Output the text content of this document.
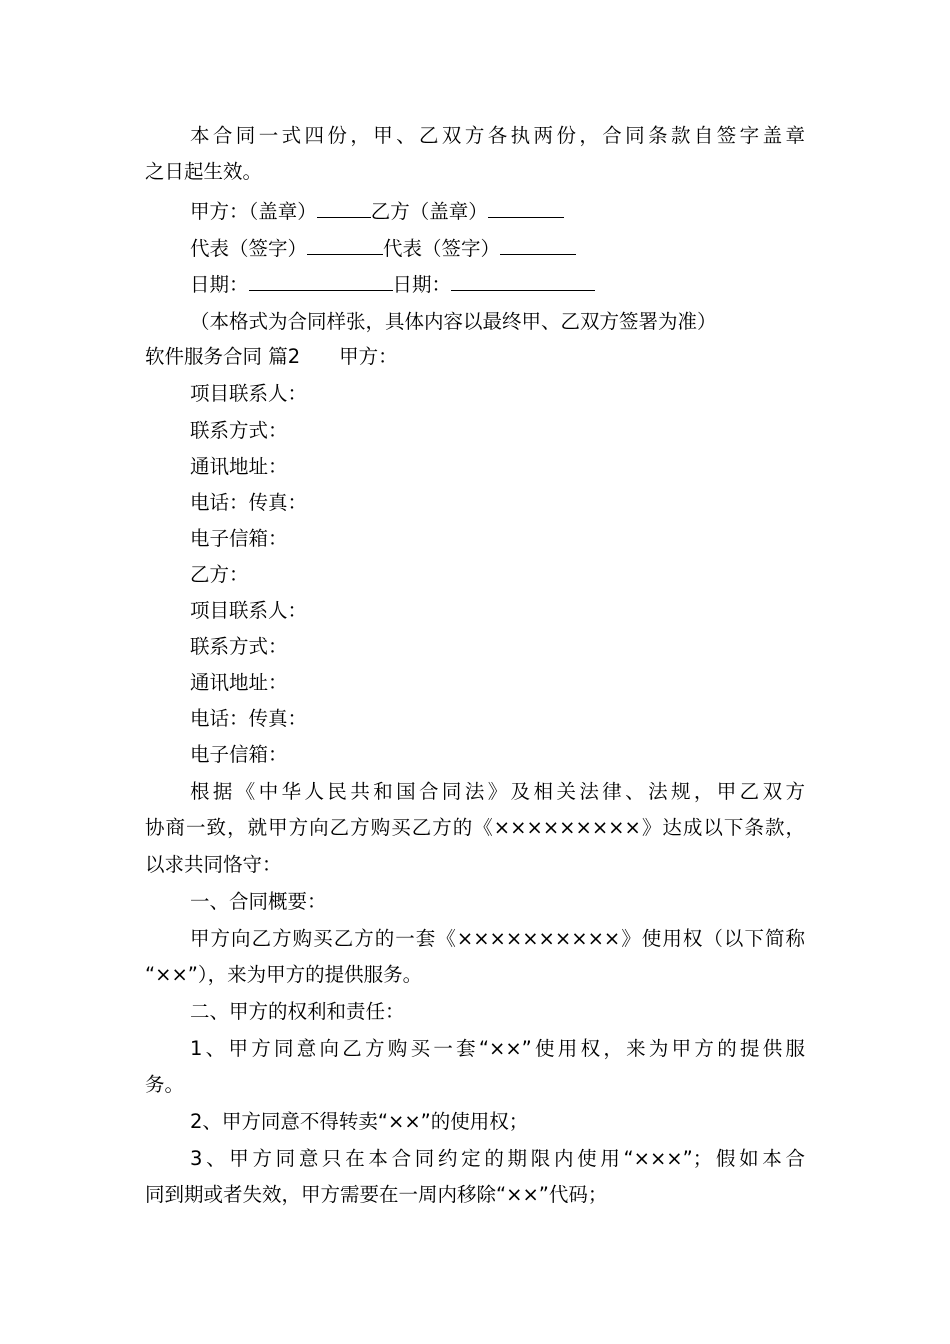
本合同一式四份，甲、乙双方各执两份，合同条款自签字盖章
之日起生效。
甲方：（盖章）	乙方（盖章）
代表（签字）	代表（签字）
日期：	日期：
（本格式为合同样张，具体内容以最终甲、乙双方签署为准）
软件服务合同 篇2　　甲方：
项目联系人：
联系方式：
通讯地址：
电话：传真：
电子信箱：
乙方：
项目联系人：
联系方式：
通讯地址：
电话：传真：
电子信箱：
根据《中华人民共和国合同法》及相关法律、法规，甲乙双方
协商一致，就甲方向乙方购买乙方的《×××××××××》达成以下条款，
以求共同恪守：
一、合同概要：
甲方向乙方购买乙方的一套《××××××××××》使用权（以下简称
“××”），来为甲方的提供服务。
二、甲方的权利和责任：
1、甲方同意向乙方购买一套“××”使用权，来为甲方的提供服
务。
2、甲方同意不得转卖“××”的使用权；
3、甲方同意只在本合同约定的期限内使用“×××”；假如本合
同到期或者失效，甲方需要在一周内移除“××”代码；
